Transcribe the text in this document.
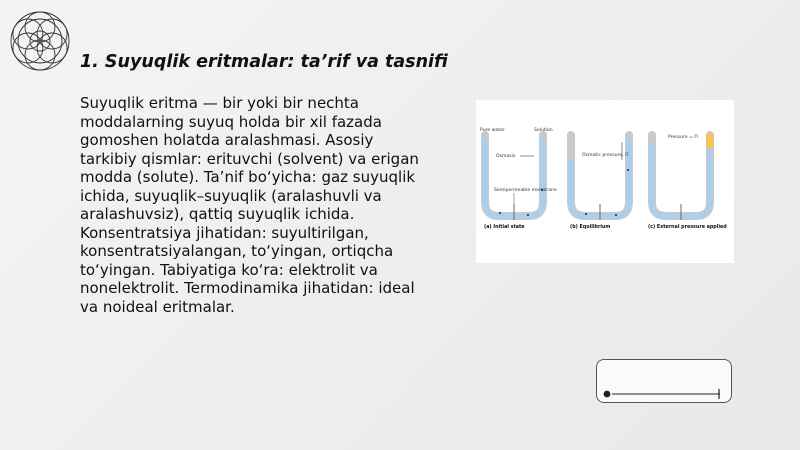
1. Suyuqlik eritmalar: ta’rif va tasnifi

Suyuqlik eritma — bir yoki bir nechta moddalarning suyuq holda bir xil fazada gomoshen holatda aralashmasi. Asosiy tarkibiy qismlar: erituvchi (solvent) va erigan modda (solute). Ta’nif bo‘yicha: gaz suyuqlik ichida, suyuqlik–suyuqlik (aralashuvli va aralashuvsiz), qattiq suyuqlik ichida. Konsentratsiya jihatidan: suyultirilgan, konsentratsiyalangan, to‘yingan, ortiqcha to‘yingan. Tabiyatiga ko‘ra: elektrolit va nonelektrolit. Termodinamika jihatidan: ideal va noideal eritmalar.

Pure water	Solution
Osmosis
Semipermeable membrane
Osmotic pressure, Π
Pressure = Π
(a) Initial state	(b) Equilibrium	(c) External pressure applied
